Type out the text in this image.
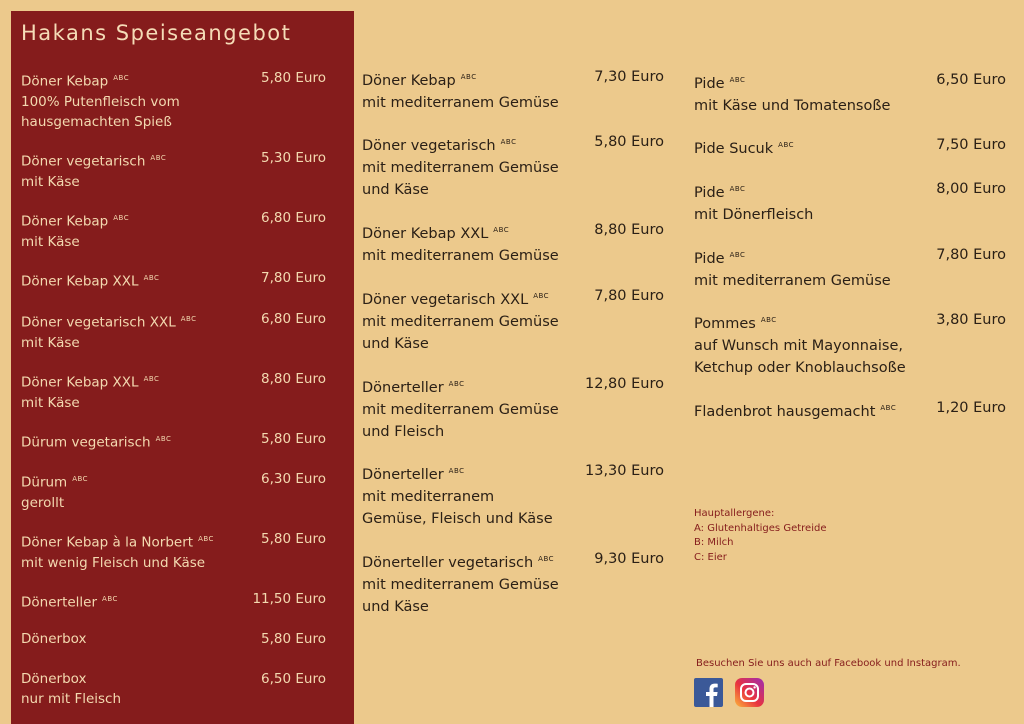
Hakans Speiseangebot
Döner Kebap $^{ABC}$	5,80 Euro
100% Putenfleisch vom hausgemachten Spieß
Döner vegetarisch $^{ABC}$	5,30 Euro
mit Käse
Döner Kebap $^{ABC}$	6,80 Euro
mit Käse
Döner Kebap XXL $^{ABC}$	7,80 Euro
Döner vegetarisch XXL $^{ABC}$	6,80 Euro
mit Käse
Döner Kebap XXL $^{ABC}$	8,80 Euro
mit Käse
Dürum vegetarisch $^{ABC}$	5,80 Euro
Dürum $^{ABC}$	6,30 Euro
gerollt
Döner Kebap à la Norbert $^{ABC}$	5,80 Euro
mit wenig Fleisch und Käse
Dönerteller $^{ABC}$	11,50 Euro
Dönerbox	5,80 Euro
Dönerbox	6,50 Euro
nur mit Fleisch
Döner Kebap $^{ABC}$	7,30 Euro
mit mediterranem Gemüse
Döner vegetarisch $^{ABC}$	5,80 Euro
mit mediterranem Gemüse und Käse
Döner Kebap XXL $^{ABC}$	8,80 Euro
mit mediterranem Gemüse
Döner vegetarisch XXL $^{ABC}$	7,80 Euro
mit mediterranem Gemüse und Käse
Dönerteller $^{ABC}$	12,80 Euro
mit mediterranem Gemüse und Fleisch
Dönerteller $^{ABC}$	13,30 Euro
mit mediterranem Gemüse, Fleisch und Käse
Dönerteller vegetarisch $^{ABC}$	9,30 Euro
mit mediterranem Gemüse und Käse
Pide $^{ABC}$	6,50 Euro
mit Käse und Tomatensoße
Pide Sucuk $^{ABC}$	7,50 Euro
Pide $^{ABC}$	8,00 Euro
mit Dönerfleisch
Pide $^{ABC}$	7,80 Euro
mit mediterranem Gemüse
Pommes $^{ABC}$	3,80 Euro
auf Wunsch mit Mayonnaise, Ketchup oder Knoblauchsoße
Fladenbrot hausgemacht $^{ABC}$	1,20 Euro
Hauptallergene:
A: Glutenhaltiges Getreide
B: Milch
C: Eier
Besuchen Sie uns auch auf Facebook und Instagram.
